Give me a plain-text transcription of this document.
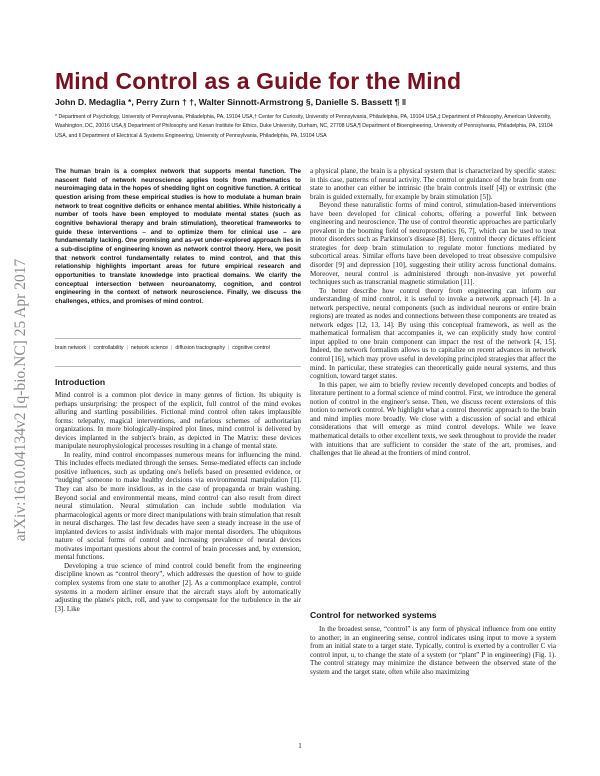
arXiv:1610.04134v2 [q-bio.NC] 25 Apr 2017
Mind Control as a Guide for the Mind
John D. Medaglia *, Perry Zurn † †, Walter Sinnott-Armstrong §, Danielle S. Bassett ¶ ‖
* Department of Psychology, University of Pennsylvania, Philadelphia, PA, 19104 USA,† Center for Curiosity, University of Pennsylvania, Philadelphia, PA, 19104 USA,‡ Department of Philosophy, American University, Washington, DC, 20016 USA,§ Department of Philosophy and Kenan Institute for Ethics, Duke University, Durham, NC, 27708 USA,¶ Department of Bioengineering, University of Pennsylvania, Philadelphia, PA, 19104 USA, and ‖ Department of Electrical & Systems Engineering, University of Pennsylvania, Philadelphia, PA, 19104 USA

The human brain is a complex network that supports mental function. The nascent field of network neuroscience applies tools from mathematics to neuroimaging data in the hopes of shedding light on cognitive function. A critical question arising from these empirical studies is how to modulate a human brain network to treat cognitive deficits or enhance mental abilities. While historically a number of tools have been employed to modulate mental states (such as cognitive behavioral therapy and brain stimulation), theoretical frameworks to guide these interventions – and to optimize them for clinical use – are fundamentally lacking. One promising and as-yet under-explored approach lies in a sub-discipline of engineering known as network control theory. Here, we posit that network control fundamentally relates to mind control, and that this relationship highlights important areas for future empirical research and opportunities to translate knowledge into practical domains. We clarify the conceptual intersection between neuroanatomy, cognition, and control engineering in the context of network neuroscience. Finally, we discuss the challenges, ethics, and promises of mind control.

brain network | controllability | network science | diffusion tractography | cognitive control
Introduction

Mind control is a common plot device in many genres of fiction. Its ubiquity is perhaps unsurprising: the prospect of the explicit, full control of the mind evokes alluring and startling possibilities. Fictional mind control often takes implausible forms: telepathy, magical interventions, and nefarious schemes of authoritarian organizations. In more biologically-inspired plot lines, mind control is delivered by devices implanted in the subject's brain, as depicted in The Matrix: these devices manipulate neurophysiological processes resulting in a change of mental state.

In reality, mind control encompasses numerous means for influencing the mind. This includes effects mediated through the senses. Sense-mediated effects can include positive influences, such as updating one's beliefs based on presented evidence, or “nudging” someone to make healthy decisions via environmental manipulation [1]. They can also be more insidious, as in the case of propaganda or brain washing. Beyond social and environmental means, mind control can also result from direct neural stimulation. Neural stimulation can include subtle modulation via pharmacological agents or more direct manipulations with brain stimulation that result in neural discharges. The last few decades have seen a steady increase in the use of implanted devices to assist individuals with major mental disorders. The ubiquitous nature of social forms of control and increasing prevalence of neural devices motivates important questions about the control of brain processes and, by extension, mental functions.

Developing a true science of mind control could benefit from the engineering discipline known as “control theory”, which addresses the question of how to guide complex systems from one state to another [2]. As a commonplace example, control systems in a modern airliner ensure that the aircraft stays aloft by automatically adjusting the plane's pitch, roll, and yaw to compensate for the turbulence in the air [3]. Like

a physical plane, the brain is a physical system that is characterized by specific states: in this case, patterns of neural activity. The control or guidance of the brain from one state to another can either be intrinsic (the brain controls itself [4]) or extrinsic (the brain is guided externally, for example by brain stimulation [5]).

Beyond these naturalistic forms of mind control, stimulation-based interventions have been developed for clinical cohorts, offering a powerful link between engineering and neuroscience. The use of control theoretic approaches are particularly prevalent in the booming field of neuroprosthetics [6, 7], which can be used to treat motor disorders such as Parkinson's disease [8]. Here, control theory dictates efficient strategies for deep brain stimulation to regulate motor functions mediated by subcortical areas. Similar efforts have been developed to treat obsessive compulsive disorder [9] and depression [10], suggesting their utility across functional domains. Moreover, neural control is administered through non-invasive yet powerful techniques such as transcranial magnetic stimulation [11].

To better describe how control theory from engineering can inform our understanding of mind control, it is useful to invoke a network approach [4]. In a network perspective, neural components (such as individual neurons or entire brain regions) are treated as nodes and connections between these components are treated as network edges [12, 13, 14]. By using this conceptual framework, as well as the mathematical formalism that accompanies it, we can explicitly study how control input applied to one brain component can impact the rest of the network [4, 15]. Indeed, the network formalism allows us to capitalize on recent advances in network control [16], which may prove useful in developing principled strategies that affect the mind. In particular, these strategies can theoretically guide neural systems, and thus cognition, toward target states.

In this paper, we aim to briefly review recently developed concepts and bodies of literature pertinent to a formal science of mind control. First, we introduce the general notion of control in the engineer's sense. Then, we discuss recent extensions of this notion to network control. We highlight what a control theoretic approach to the brain and mind implies more broadly. We close with a discussion of social and ethical considerations that will emerge as mind control develops. While we leave mathematical details to other excellent texts, we seek throughout to provide the reader with intuitions that are sufficient to consider the state of the art, promises, and challenges that lie ahead at the frontiers of mind control.

Control for networked systems

In the broadest sense, “control” is any form of physical influence from one entity to another; in an engineering sense, control indicates using input to move a system from an initial state to a target state. Typically, control is exerted by a controller C via control input, u, to change the state of a system (or “plant” P in engineering) (Fig. 1). The control strategy may minimize the distance between the observed state of the system and the target state, often while also maximizing

1
